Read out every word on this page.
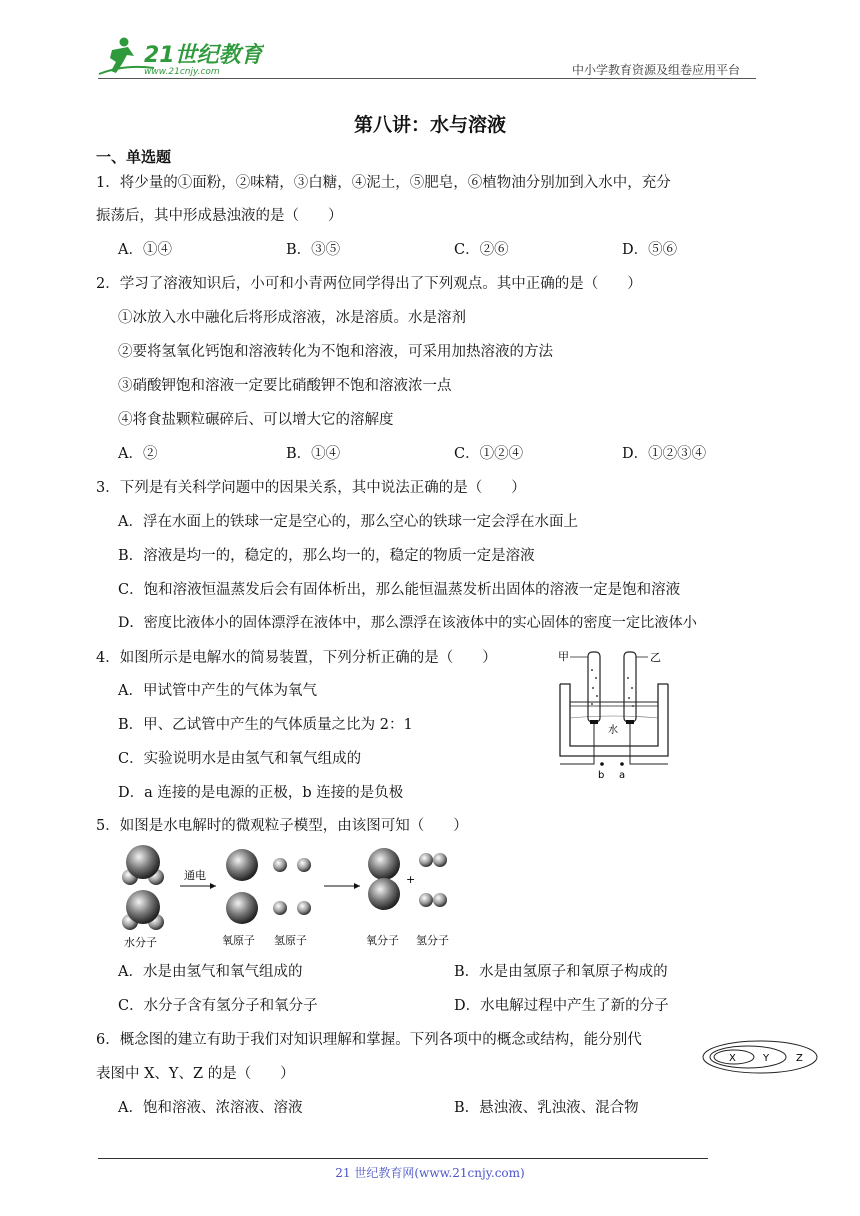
21世纪教育
www.21cnjy.com	中小学教育资源及组卷应用平台
第八讲：水与溶液
一、单选题
1．将少量的①面粉，②味精，③白糖，④泥土，⑤肥皂，⑥植物油分别加到入水中，充分
振荡后，其中形成悬浊液的是（　　）
A．①④	B．③⑤	C．②⑥	D．⑤⑥
2．学习了溶液知识后，小可和小青两位同学得出了下列观点。其中正确的是（　　）
①冰放入水中融化后将形成溶液，冰是溶质。水是溶剂
②要将氢氧化钙饱和溶液转化为不饱和溶液，可采用加热溶液的方法
③硝酸钾饱和溶液一定要比硝酸钾不饱和溶液浓一点
④将食盐颗粒碾碎后、可以增大它的溶解度
A．②	B．①④	C．①②④	D．①②③④
3．下列是有关科学问题中的因果关系，其中说法正确的是（　　）
A．浮在水面上的铁球一定是空心的，那么空心的铁球一定会浮在水面上
B．溶液是均一的，稳定的，那么均一的，稳定的物质一定是溶液
C．饱和溶液恒温蒸发后会有固体析出，那么能恒温蒸发析出固体的溶液一定是饱和溶液
D．密度比液体小的固体漂浮在液体中，那么漂浮在该液体中的实心固体的密度一定比液体小
4．如图所示是电解水的简易装置，下列分析正确的是（　　）
A．甲试管中产生的气体为氧气
B．甲、乙试管中产生的气体质量之比为 2：1
C．实验说明水是由氢气和氧气组成的
D．a 连接的是电源的正极，b 连接的是负极
甲	乙
水
b a
5．如图是水电解时的微观粒子模型，由该图可知（　　）
水分子
通电
氧原子 氢原子
+
氧分子 氢分子
A．水是由氢气和氧气组成的	B．水是由氢原子和氧原子构成的
C．水分子含有氢分子和氧分子	D．水电解过程中产生了新的分子
6．概念图的建立有助于我们对知识理解和掌握。下列各项中的概念或结构，能分别代
表图中 X、Y、Z 的是（　　）
A．饱和溶液、浓溶液、溶液	B．悬浊液、乳浊液、混合物
X	Y	Z
21 世纪教育网(www.21cnjy.com)
